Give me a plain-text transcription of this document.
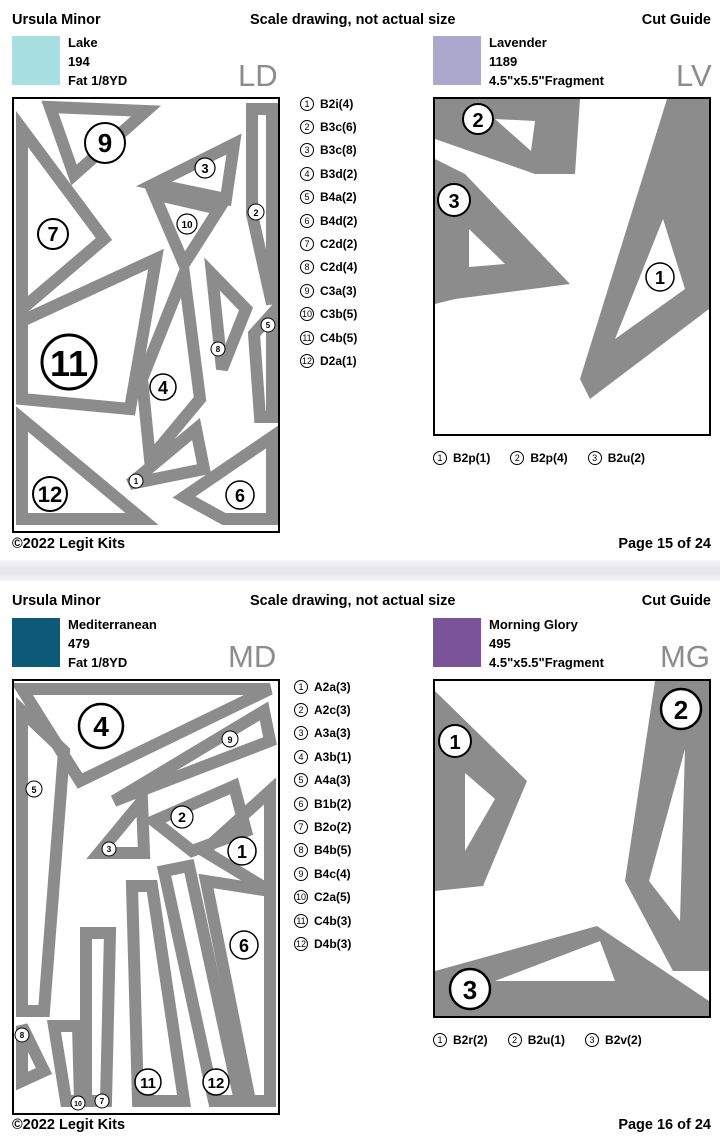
Ursula Minor	Scale drawing, not actual size	Cut Guide
Lake
194
Fat 1/8YD	LD
Lavender
1189
4.5"x5.5"Fragment LV
9
7
3
10
2
11
4
8
5
1
12	6
1 B2i(4)
2 B3c(6)
3 B3c(8)
4 B3d(2)
5 B4a(2)
6 B4d(2)
7 C2d(2)
8 C2d(4)
9 C3a(3)
10 C3b(5)
11 C4b(5)
12 D2a(1)
2
3
1
1 B2p(1)	2 B2p(4)	3 B2u(2)
©2022 Legit Kits	Page 15 of 24
Ursula Minor	Scale drawing, not actual size	Cut Guide
Mediterranean
479
Fat 1/8YD	MD
Morning Glory
495
4.5"x5.5"Fragment MG
4	9
5
2
3	1
6
8
11	12
10 7
1 A2a(3)
2 A2c(3)
3 A3a(3)
4 A3b(1)
5 A4a(3)
6 B1b(2)
7 B2o(2)
8 B4b(5)
9 B4c(4)
10 C2a(5)
11 C4b(3)
12 D4b(3)
1
2
3
1 B2r(2)	2 B2u(1)	3 B2v(2)
©2022 Legit Kits	Page 16 of 24
